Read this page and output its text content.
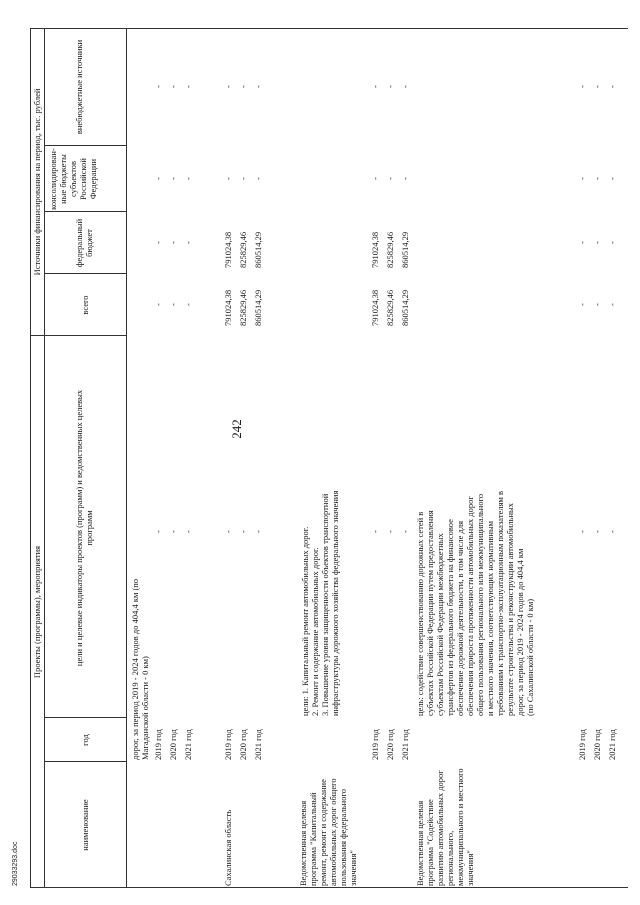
242
29033293.doc
Проекты (программы), мероприятия
Источники финансирования на период, тыс. рублей
наименование
год
цели и целевые индикаторы проектов (программ) и ведомственных целевых программ
всего
федеральный бюджет
консолидирован-ные бюджеты субъектов Российской Федерации
внебюджетные источники
дорог, за период 2019 - 2024 годов до 404,4 км (по Магаданской области - 0 км) 2019 год 2020 год 2021 год
- - -
- - -
- - -
- - -
- - -
Сахалинская область
2019 год 2020 год 2021 год
- - -
791024,38 825829,46 860514,29
791024,38 825829,46 860514,29
- - -
- - -
Ведомственная целевая программа "Капитальный ремонт, ремонт и содержание автомобильных дорог общего пользования федерального значения"
цели: 1. Капитальный ремонт автомобильных дорог. 2. Ремонт и содержание автомобильных дорог. 3. Повышение уровня защищенности объектов транспортной инфраструктуры дорожного хозяйства федерального значения
2019 год 2020 год 2021 год
- - -
791024,38 825829,46 860514,29
791024,38 825829,46 860514,29
- - -
- - -
Ведомственная целевая программа "Содействие развитию автомобильных дорог регионального, межмуниципального и местного значения"
цель: содействие совершенствованию дорожных сетей в субъектах Российской Федерации путем предоставления субъектам Российской Федерации межбюджетных трансфертов из федерального бюджета на финансовое обеспечение дорожной деятельности, в том числе для обеспечения прироста протяженности автомобильных дорог общего пользования регионального или межмуниципального и местного значения, соответствующих нормативным требованиям к транспортно-эксплуатационным показателям в результате строительства и реконструкции автомобильных дорог, за период 2019 - 2024 годов до 404,4 км (по Сахалинской области - 0 км)
2019 год 2020 год 2021 год
- - -
- - -
- - -
- - -
- - -
